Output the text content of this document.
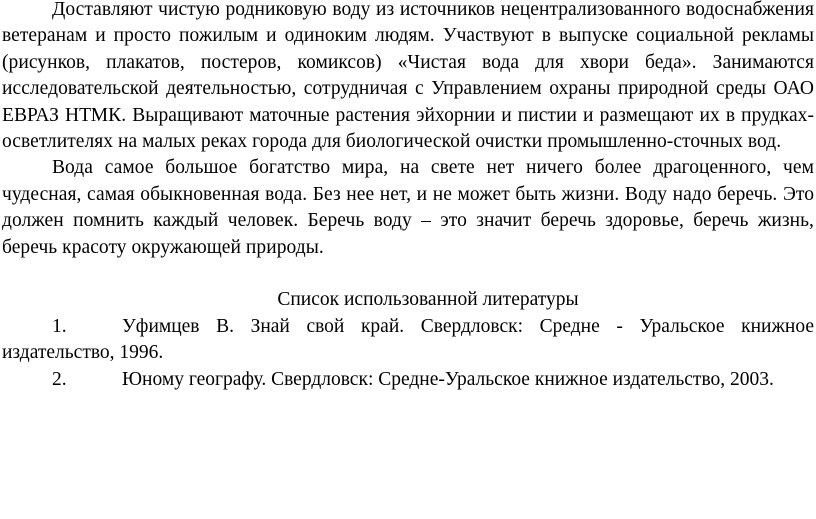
Доставляют чистую родниковую воду из источников нецентрализованного водоснабжения ветеранам и просто пожилым и одиноким людям. Участвуют в выпуске социальной рекламы (рисунков, плакатов, постеров, комиксов) «Чистая вода для хвори беда». Занимаются исследовательской деятельностью, сотрудничая с Управлением охраны природной среды ОАО ЕВРАЗ НТМК. Выращивают маточные растения эйхорнии и пистии и размещают их в прудках-осветлителях на малых реках города для биологической очистки промышленно-сточных вод.

Вода самое большое богатство мира, на свете нет ничего более драгоценного, чем чудесная, самая обыкновенная вода. Без нее нет, и не может быть жизни. Воду надо беречь. Это должен помнить каждый человек. Беречь воду – это значит беречь здоровье, беречь жизнь, беречь красоту окружающей природы.

Список использованной литературы

1.	Уфимцев В. Знай свой край. Свердловск: Средне - Уральское книжное издательство, 1996.

2.	Юному географу. Свердловск: Средне-Уральское книжное издательство, 2003.
